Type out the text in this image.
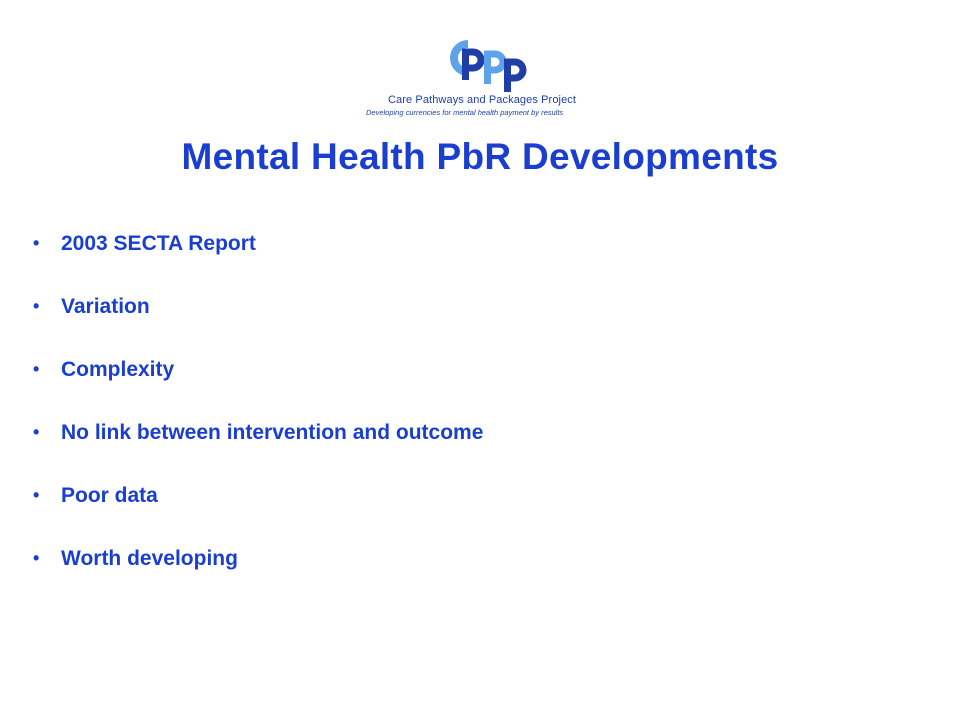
Care Pathways and Packages Project
Developing currencies for mental health payment by results
Mental Health PbR Developments
• 2003 SECTA Report
• Variation
• Complexity
• No link between intervention and outcome
• Poor data
• Worth developing
